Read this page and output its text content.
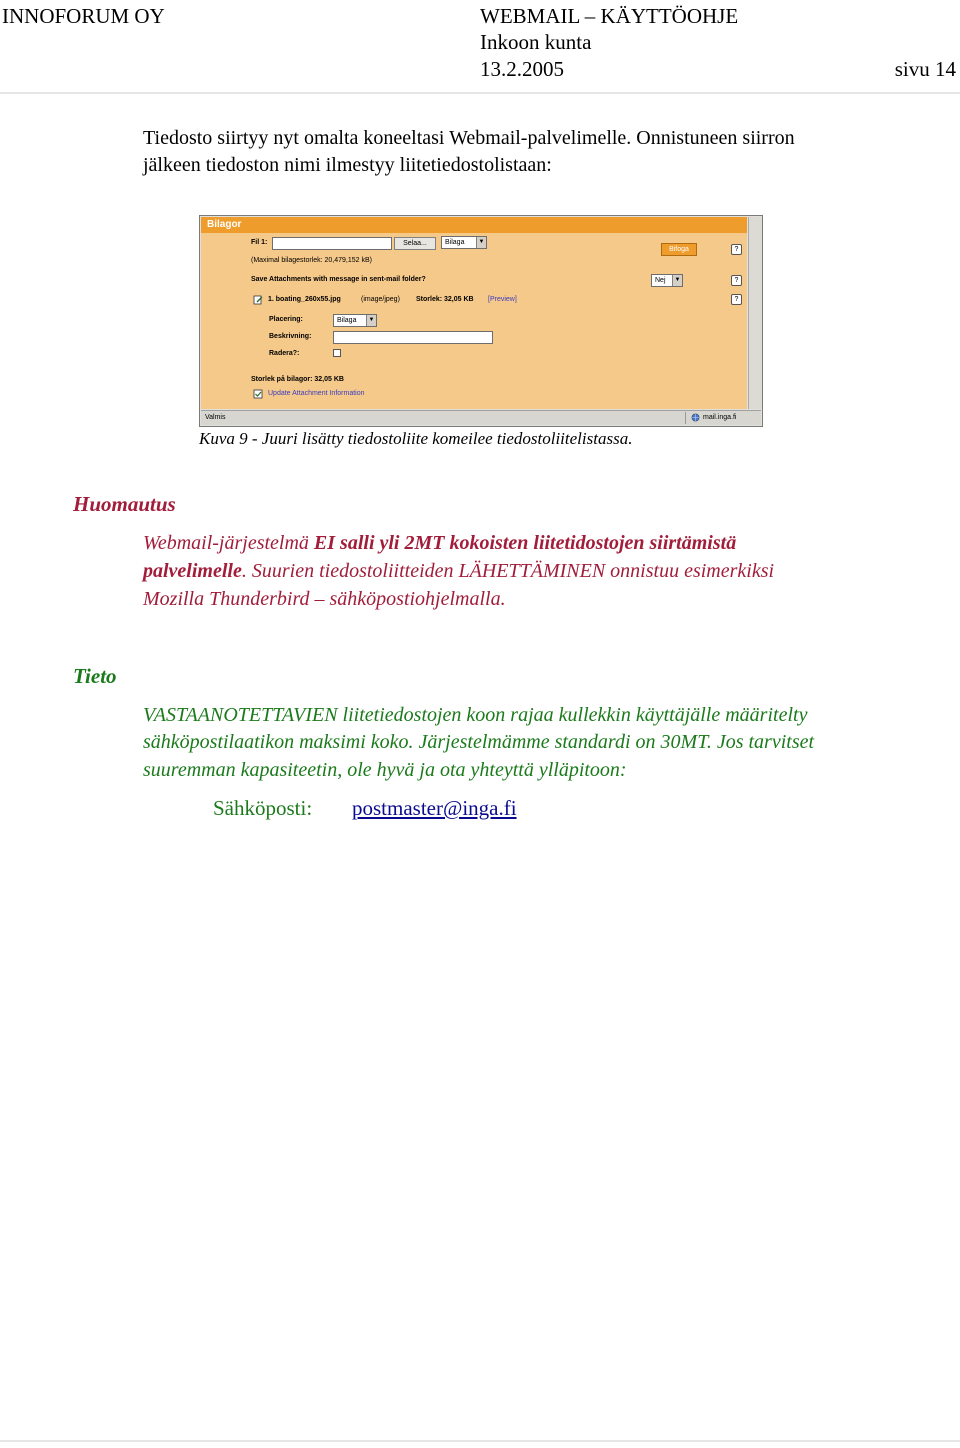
INNOFORUM OY	WEBMAIL – KÄYTTÖOHJE
Inkoon kunta
13.2.2005	sivu 14
Tiedosto siirtyy nyt omalta koneeltasi Webmail-palvelimelle. Onnistuneen siirron
jälkeen tiedoston nimi ilmestyy liitetiedostolistaan:
Bilagor
Fil 1:	Selaa...	Bilaga	▼
Bifoga	?
(Maximal bilagestorlek: 20,479,152 kB)
Save Attachments with message in sent-mail folder?	Nej	▼	?
1. boating_260x55.jpg	(image/jpeg) Storlek: 32,05 KB [Preview]	?
Placering:	Bilaga	▼
Beskrivning:
Radera?:
Storlek på bilagor: 32,05 KB
Update Attachment Information
Valmis	mail.inga.fi
Kuva 9 - Juuri lisätty tiedostoliite komeilee tiedostoliitelistassa.
Huomautus
Webmail-järjestelmä EI salli yli 2MT kokoisten liitetidostojen siirtämistä
palvelimelle. Suurien tiedostoliitteiden LÄHETTÄMINEN onnistuu esimerkiksi
Mozilla Thunderbird – sähköpostiohjelmalla.
Tieto
VASTAANOTETTAVIEN liitetiedostojen koon rajaa kullekkin käyttäjälle määritelty
sähköpostilaatikon maksimi koko. Järjestelmämme standardi on 30MT. Jos tarvitset
suuremman kapasiteetin, ole hyvä ja ota yhteyttä ylläpitoon:
Sähköposti: postmaster@inga.fi
